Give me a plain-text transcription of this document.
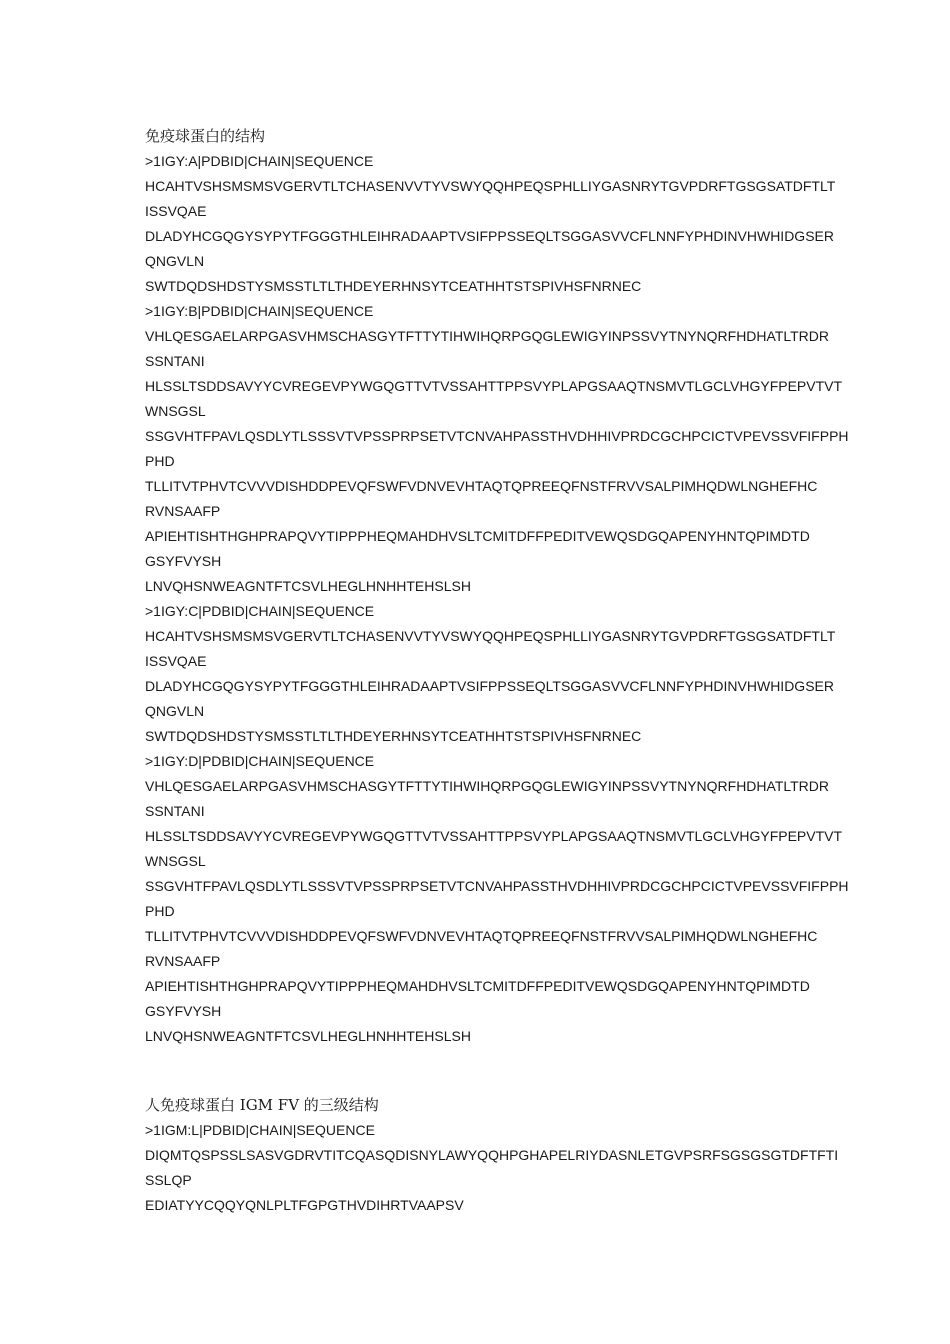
免疫球蛋白的结构
>1IGY:A|PDBID|CHAIN|SEQUENCE
HCAHTVSHSMSMSVGERVTLTCHASENVVTYVSWYQQHPEQSPHLLIYGASNRYTGVPDRFTGSGSATDFTLT
ISSVQAE
DLADYHCGQGYSYPYTFGGGTHLEIHRADAAPTVSIFPPSSEQLTSGGASVVCFLNNFYPHDINVHWHIDGSER
QNGVLN
SWTDQDSHDSTYSMSSTLTLTHDEYERHNSYTCEATHHTSTSPIVHSFNRNEC
>1IGY:B|PDBID|CHAIN|SEQUENCE
VHLQESGAELARPGASVHMSCHASGYTFTTYTIHWIHQRPGQGLEWIGYINPSSVYTNYNQRFHDHATLTRDR
SSNTANI
HLSSLTSDDSAVYYCVREGEVPYWGQGTTVTVSSAHTTPPSVYPLAPGSAAQTNSMVTLGCLVHGYFPEPVTVT
WNSGSL
SSGVHTFPAVLQSDLYTLSSSVTVPSSPRPSETVTCNVAHPASSTHVDHHIVPRDCGCHPCICTVPEVSSVFIFPPH
PHD
TLLITVTPHVTCVVVDISHDDPEVQFSWFVDNVEVHTAQTQPREEQFNSTFRVVSALPIMHQDWLNGHEFHC
RVNSAAFP
APIEHTISHTHGHPRAPQVYTIPPPHEQMAHDHVSLTCMITDFFPEDITVEWQSDGQAPENYHNTQPIMDTD
GSYFVYSH
LNVQHSNWEAGNTFTCSVLHEGLHNHHTEHSLSH
>1IGY:C|PDBID|CHAIN|SEQUENCE
HCAHTVSHSMSMSVGERVTLTCHASENVVTYVSWYQQHPEQSPHLLIYGASNRYTGVPDRFTGSGSATDFTLT
ISSVQAE
DLADYHCGQGYSYPYTFGGGTHLEIHRADAAPTVSIFPPSSEQLTSGGASVVCFLNNFYPHDINVHWHIDGSER
QNGVLN
SWTDQDSHDSTYSMSSTLTLTHDEYERHNSYTCEATHHTSTSPIVHSFNRNEC
>1IGY:D|PDBID|CHAIN|SEQUENCE
VHLQESGAELARPGASVHMSCHASGYTFTTYTIHWIHQRPGQGLEWIGYINPSSVYTNYNQRFHDHATLTRDR
SSNTANI
HLSSLTSDDSAVYYCVREGEVPYWGQGTTVTVSSAHTTPPSVYPLAPGSAAQTNSMVTLGCLVHGYFPEPVTVT
WNSGSL
SSGVHTFPAVLQSDLYTLSSSVTVPSSPRPSETVTCNVAHPASSTHVDHHIVPRDCGCHPCICTVPEVSSVFIFPPH
PHD
TLLITVTPHVTCVVVDISHDDPEVQFSWFVDNVEVHTAQTQPREEQFNSTFRVVSALPIMHQDWLNGHEFHC
RVNSAAFP
APIEHTISHTHGHPRAPQVYTIPPPHEQMAHDHVSLTCMITDFFPEDITVEWQSDGQAPENYHNTQPIMDTD
GSYFVYSH
LNVQHSNWEAGNTFTCSVLHEGLHNHHTEHSLSH
人免疫球蛋白 IGM FV 的三级结构
>1IGM:L|PDBID|CHAIN|SEQUENCE
DIQMTQSPSSLSASVGDRVTITCQASQDISNYLAWYQQHPGHAPELRIYDASNLETGVPSRFSGSGSGTDFTFTI
SSLQP
EDIATYYCQQYQNLPLTFGPGTHVDIHRTVAAPSV
